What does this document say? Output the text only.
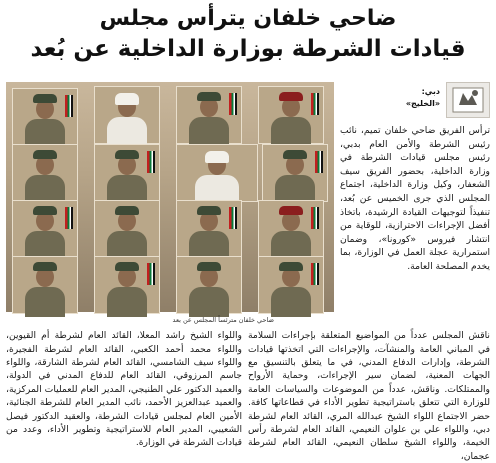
ضاحي خلفان يترأس مجلس
قيادات الشرطة بوزارة الداخلية عن بُعد
ضاحي خلفان مترئساً المجلس عن بعد
دبي:
«الخليج»

ترأس الفريق ضاحي خلفان تميم، نائب رئيس الشرطة والأمن العام بدبي، رئيس مجلس قيادات الشرطة في وزارة الداخلية، بحضور الفريق سيف الشعفار، وكيل وزارة الداخلية، اجتماع المجلس الذي جرى الخميس عن بُعد، تنفيذاً لتوجيهات القيادة الرشيدة، باتخاذ أفضل الإجراءات الاحترازية، للوقاية من انتشار فيروس «كورونا»، وضمان استمرارية عجلة العمل في الوزارة، بما يخدم المصلحة العامة.

ناقش المجلس عدداً من المواضيع المتعلقة بإجراءات السلامة في المباني العامة والمنشآت، والإجراءات التي اتخذتها قيادات الشرطة، وإدارات الدفاع المدني، في ما يتعلق بالتنسيق مع الجهات المعنية، لضمان سير الإجراءات، وحماية الأرواح والممتلكات. وناقش، عدداً من الموضوعات والسياسات العامة للوزارة التي تتعلق باستراتيجية تطوير الأداء في قطاعاتها كافة. حضر الاجتماع اللواء الشيخ عبدالله المري، القائد العام لشرطة دبي، واللواء علي بن علوان النعيمي، القائد العام لشرطة رأس الخيمة، واللواء الشيخ سلطان النعيمي، القائد العام لشرطة عجمان،

واللواء الشيخ راشد المعلا، القائد العام لشرطة أم القيوين، واللواء محمد أحمد الكعبي، القائد العام لشرطة الفجيرة، واللواء سيف الشامسي، القائد العام لشرطة الشارقة، واللواء جاسم المرزوقي، القائد العام للدفاع المدني في الدولة، والعميد الدكتور علي الطنيجي، المدير العام للعمليات المركزية، والعميد عبدالعزيز الأحمد، نائب المدير العام للشرطة الجنائية، الأمين العام لمجلس قيادات الشرطة، والعقيد الدكتور فيصل الشعيبي، المدير العام للاستراتيجية وتطوير الأداء، وعدد من قيادات الشرطة في الوزارة.
